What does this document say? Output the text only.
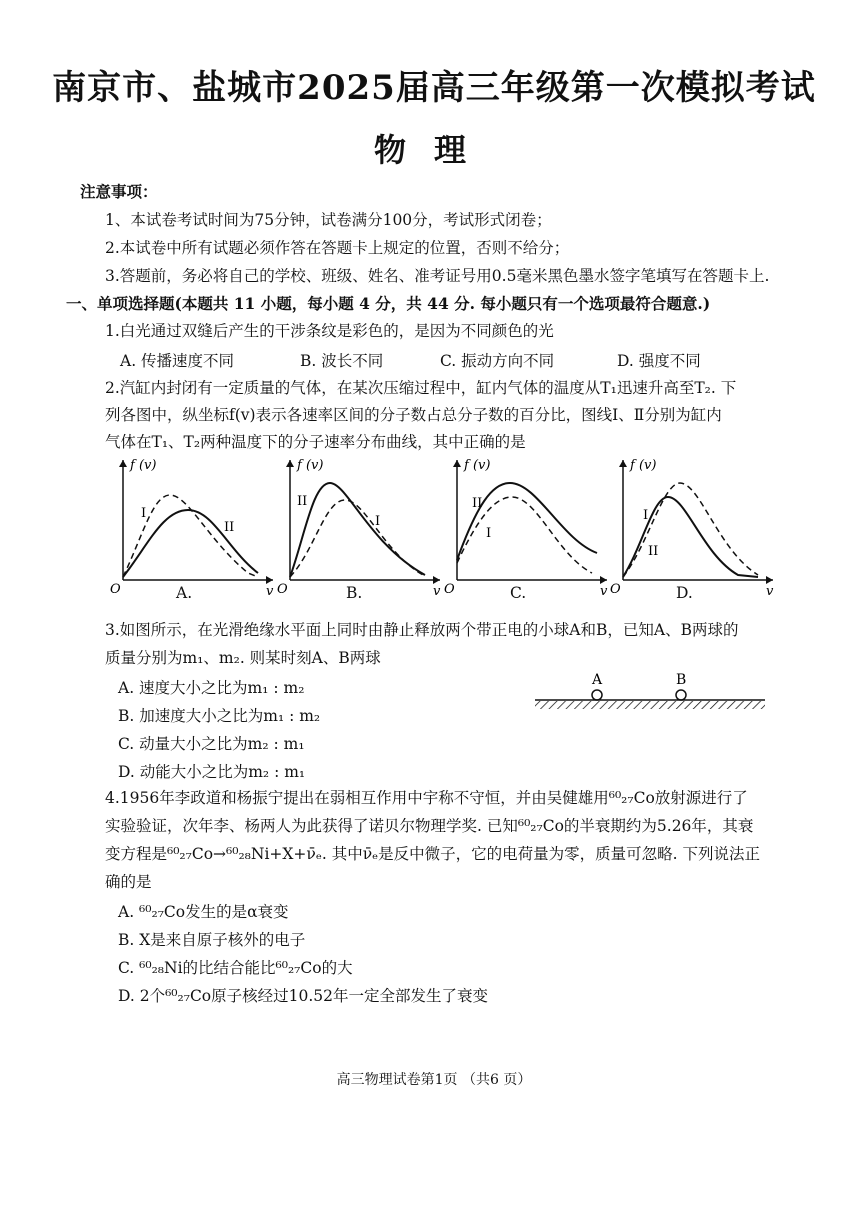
南京市、盐城市2025届高三年级第一次模拟考试
物理
注意事项：
1、本试卷考试时间为75分钟，试卷满分100分，考试形式闭卷；
2.本试卷中所有试题必须作答在答题卡上规定的位置，否则不给分；
3.答题前，务必将自己的学校、班级、姓名、准考证号用0.5毫米黑色墨水签字笔填写在答题卡上.
一、单项选择题(本题共 11 小题，每小题 4 分，共 44 分. 每小题只有一个选项最符合题意.)
1.白光通过双缝后产生的干涉条纹是彩色的，是因为不同颜色的光
A. 传播速度不同	B. 波长不同	C. 振动方向不同	D. 强度不同
2.汽缸内封闭有一定质量的气体，在某次压缩过程中，缸内气体的温度从T₁迅速升高至T₂. 下
列各图中，纵坐标f(v)表示各速率区间的分子数占总分子数的百分比，图线Ⅰ、Ⅱ分别为缸内
气体在T₁、T₂两种温度下的分子速率分布曲线，其中正确的是
f (v)
O	v
I
II
A.
f (v)
O	v
II
I
B.
f (v)
O	v
II
I
C.
f (v)
O	v
I
II
D.
3.如图所示，在光滑绝缘水平面上同时由静止释放两个带正电的小球A和B，已知A、B两球的
质量分别为m₁、m₂. 则某时刻A、B两球
A. 速度大小之比为m₁ : m₂
B. 加速度大小之比为m₁ : m₂
C. 动量大小之比为m₂ : m₁
D. 动能大小之比为m₂ : m₁
A	B
4.1956年李政道和杨振宁提出在弱相互作用中宇称不守恒，并由吴健雄用⁶⁰₂₇Co放射源进行了
实验验证，次年李、杨两人为此获得了诺贝尔物理学奖. 已知⁶⁰₂₇Co的半衰期约为5.26年，其衰
变方程是⁶⁰₂₇Co→⁶⁰₂₈Ni+X+ν̄ₑ. 其中ν̄ₑ是反中微子，它的电荷量为零，质量可忽略. 下列说法正
确的是
A. ⁶⁰₂₇Co发生的是α衰变
B. X是来自原子核外的电子
C. ⁶⁰₂₈Ni的比结合能比⁶⁰₂₇Co的大
D. 2个⁶⁰₂₇Co原子核经过10.52年一定全部发生了衰变
高三物理试卷第1页 （共6 页）
